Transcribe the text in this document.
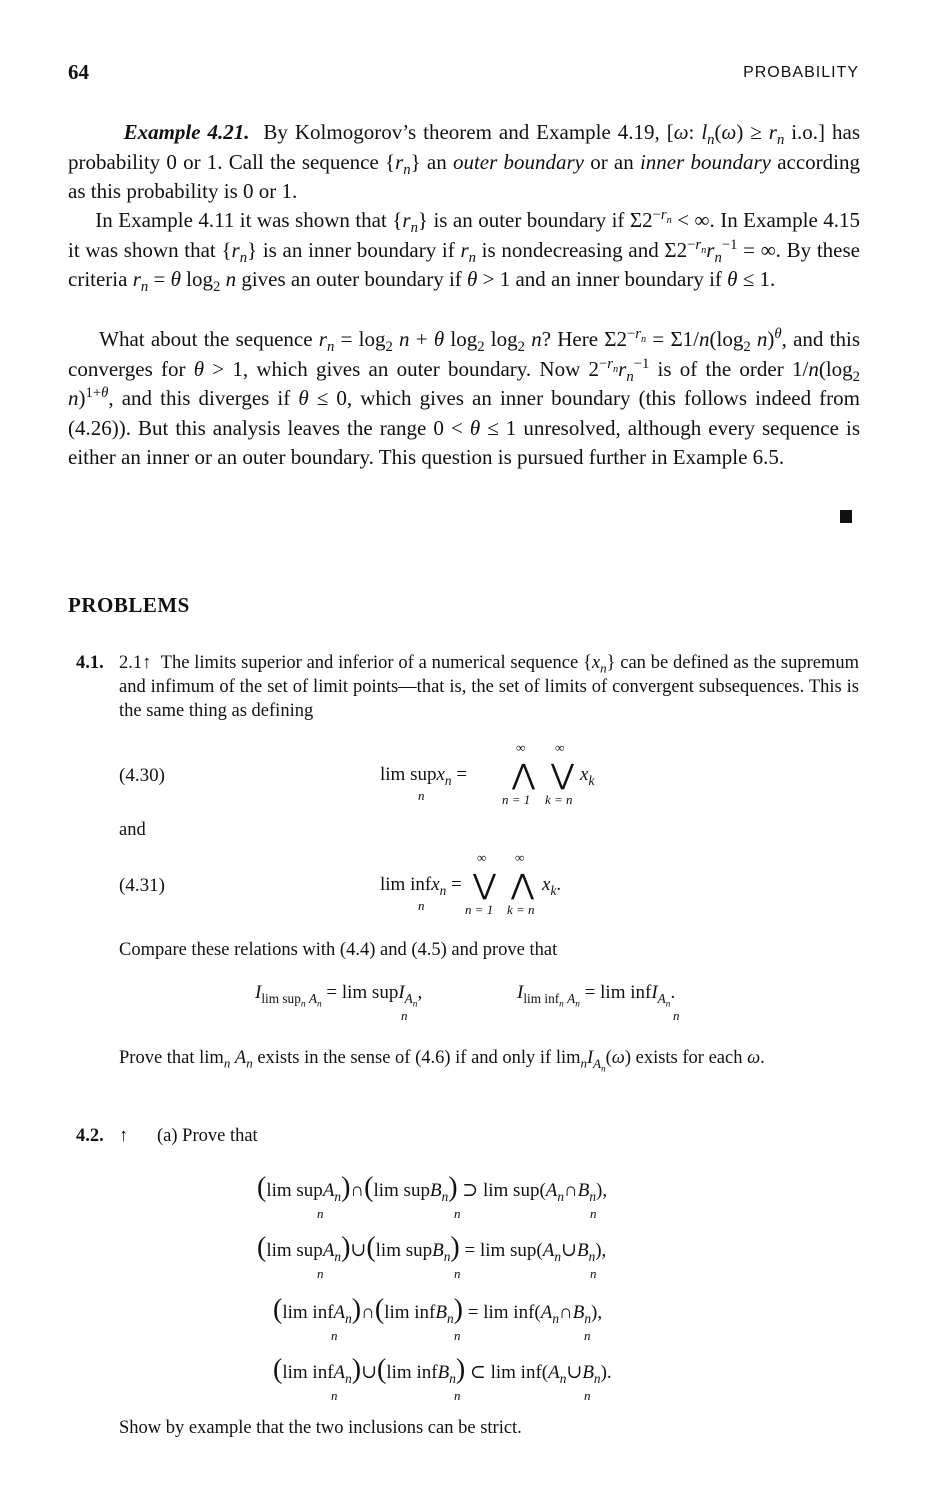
64	PROBABILITY
Example 4.21.  By Kolmogorov’s theorem and Example 4.19, [ω: $l_n(\omega) \ge r_n$ i.o.] has probability 0 or 1. Call the sequence $\{r_n\}$ an outer boundary or an inner boundary according as this probability is 0 or 1.
In Example 4.11 it was shown that $\{r_n\}$ is an outer boundary if $\Sigma 2^{-r_n}$ < ∞. In Example 4.15 it was shown that $\{r_n\}$ is an inner boundary if $r_n$ is nondecreasing and $\Sigma 2^{-r_n}r_n^{-1}$ = ∞. By these criteria $r_n = \theta$ $\log_2 n$ gives an outer boundary if θ > 1 and an inner boundary if θ ≤ 1.
What about the sequence $r_n = \log_2 n + \theta$ $\log_2 \log_2 n$? Here $\Sigma 2^{-r_n} = \Sigma 1/n(\log_2$ n)$^\theta$, and this converges for θ > 1, which gives an outer boundary. Now $2^{-r_n}r_n^{-1}$ is of the order $1/n(\log_2$ n)$^{1+\theta}$, and this diverges if θ ≤ 0, which gives an inner boundary (this follows indeed from (4.26)). But this analysis leaves the range 0 < θ ≤ 1 unresolved, although every sequence is either an inner or an outer boundary. This question is pursued further in Example 6.5.
PROBLEMS
4.1. 2.1↑  The limits superior and inferior of a numerical sequence $\{x_n\}$ can be defined as the supremum and infimum of the set of limit points—that is, the set of limits of convergent subsequences. This is the same thing as defining
(4.30)
∞ ∞
lim supx$_n$ = ⋀ ⋁ $x_k$
n	n = 1 k = n
and
(4.31)
∞ ∞
lim infx$_n$ = ⋁ ⋀ $x_k$.
n	n = 1 k = n
Compare these relations with (4.4) and (4.5) and prove that
$I_{lim sup_n A_n} = \lim$ supI$_{A_n}$,
n
$I_{lim inf_n A_n} = \lim$ infI$_{A_n}$.
n
Prove that $\lim_n A_n$ exists in the sense of (4.6) if and only if $\lim_nI_{A_n}(\omega)$ exists for each ω.
4.2. ↑ (a) Prove that
(lim supA$_n$)∩(lim supB$_n$) ⊃ $\lim sup(A_n\cap B_n)$,
n	n	n
(lim supA$_n$)∪(lim supB$_n$) = $\lim sup(A_n\cup B_n)$,
n	n	n
(lim infA$_n$)∩(lim infB$_n$) = $\lim inf(A_n\cap B_n)$,
n	n	n
(lim infA$_n$)∪(lim infB$_n$) ⊂ $\lim inf(A_n\cup B_n)$.
n	n	n
Show by example that the two inclusions can be strict.
